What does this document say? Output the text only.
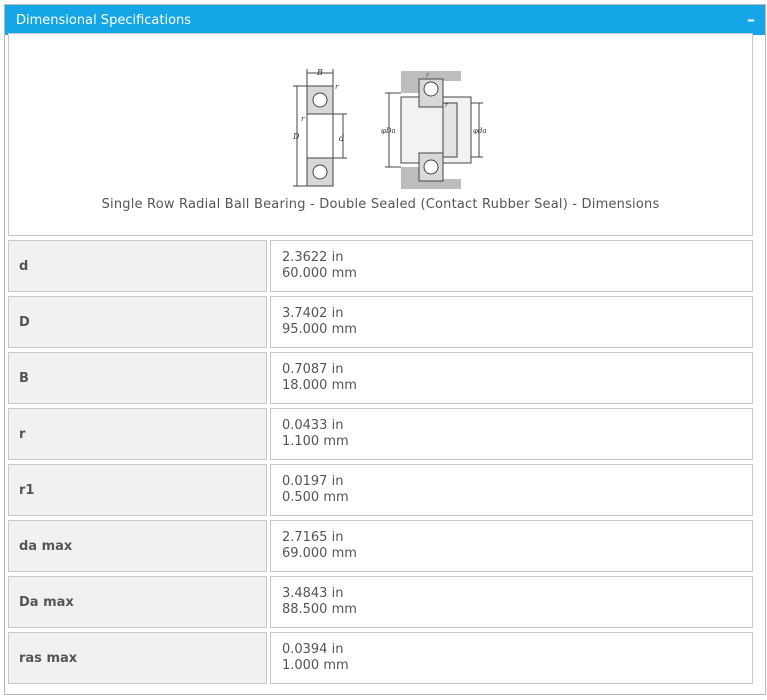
Dimensional Specifications	–
B
r
r
D	d
r
r
φDa	φda
Single Row Radial Ball Bearing - Double Sealed (Contact Rubber Seal) - Dimensions
d
2.3622 in
60.000 mm
D
3.7402 in
95.000 mm
B
0.7087 in
18.000 mm
r
0.0433 in
1.100 mm
r1
0.0197 in
0.500 mm
da max
2.7165 in
69.000 mm
Da max
3.4843 in
88.500 mm
ras max
0.0394 in
1.000 mm
